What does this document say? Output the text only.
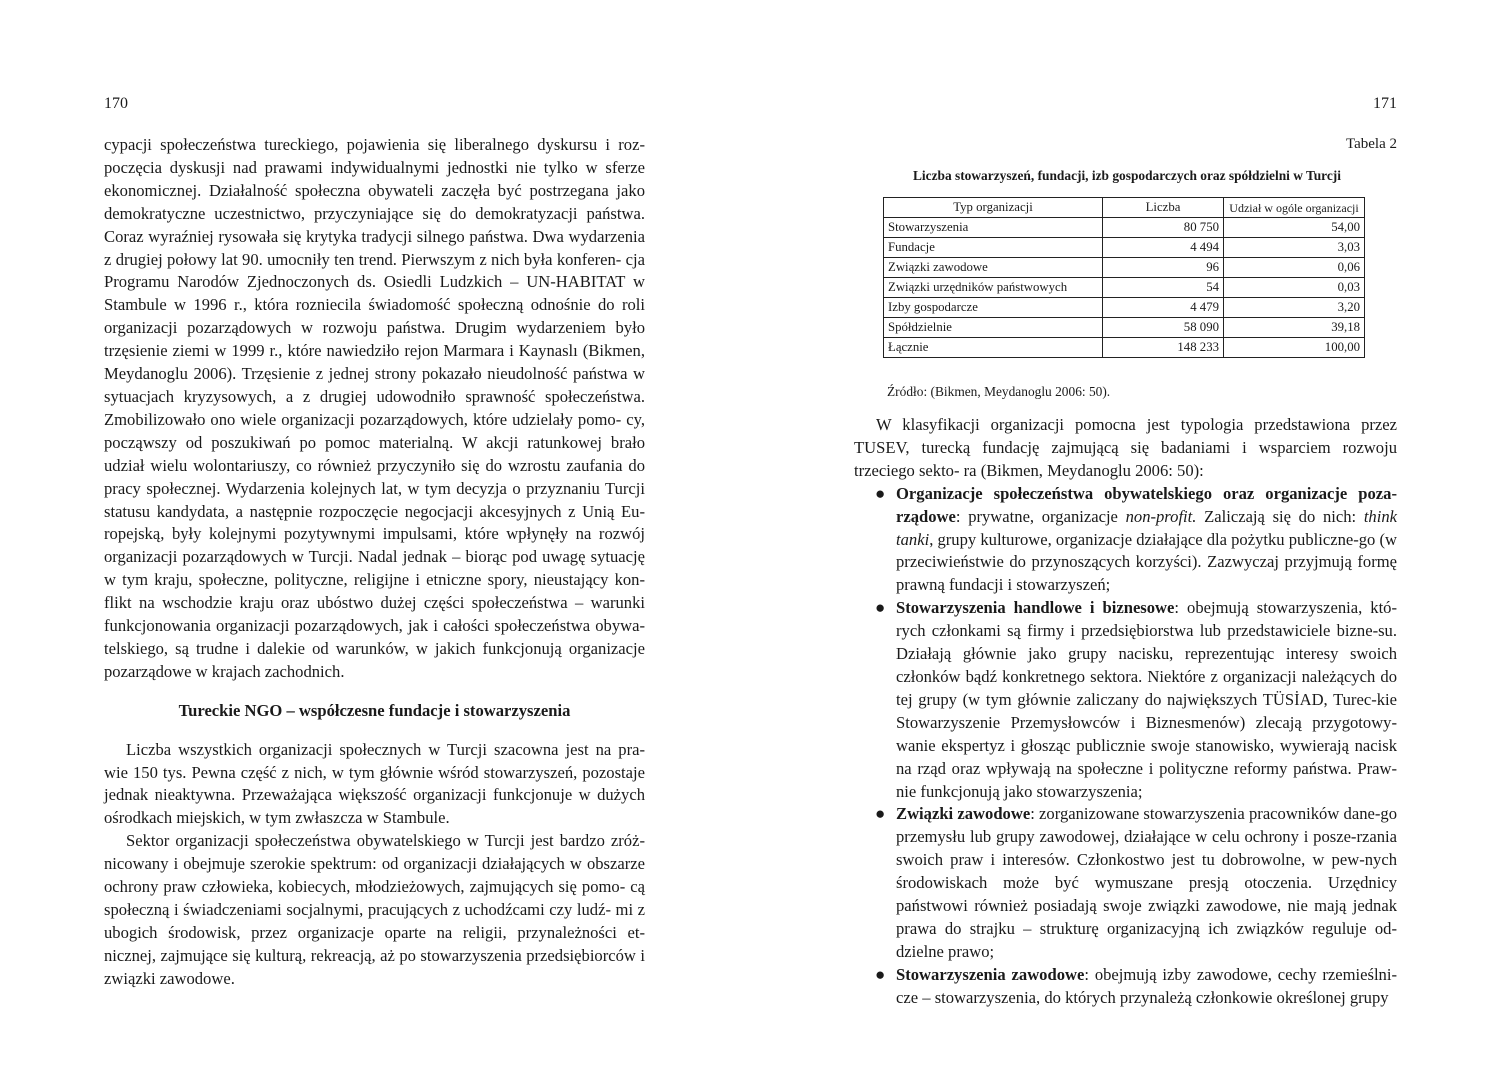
170

cypacji społeczeństwa tureckiego, pojawienia się liberalnego dyskursu i roz- poczęcia dyskusji nad prawami indywidualnymi jednostki nie tylko w sferze ekonomicznej. Działalność społeczna obywateli zaczęła być postrzegana jako demokratyczne uczestnictwo, przyczyniające się do demokratyzacji państwa. Coraz wyraźniej rysowała się krytyka tradycji silnego państwa. Dwa wydarzenia z drugiej połowy lat 90. umocniły ten trend. Pierwszym z nich była konferen- cja Programu Narodów Zjednoczonych ds. Osiedli Ludzkich – UN-HABITAT w Stambule w 1996 r., która rozniecila świadomość społeczną odnośnie do roli organizacji pozarządowych w rozwoju państwa. Drugim wydarzeniem było trzęsienie ziemi w 1999 r., które nawiedziło rejon Marmara i Kaynaslı (Bikmen, Meydanoglu 2006). Trzęsienie z jednej strony pokazało nieudolność państwa w sytuacjach kryzysowych, a z drugiej udowodniło sprawność społeczeństwa. Zmobilizowało ono wiele organizacji pozarządowych, które udzielały pomo- cy, począwszy od poszukiwań po pomoc materialną. W akcji ratunkowej brało udział wielu wolontariuszy, co również przyczyniło się do wzrostu zaufania do pracy społecznej. Wydarzenia kolejnych lat, w tym decyzja o przyznaniu Turcji statusu kandydata, a następnie rozpoczęcie negocjacji akcesyjnych z Unią Eu- ropejską, były kolejnymi pozytywnymi impulsami, które wpłynęły na rozwój organizacji pozarządowych w Turcji. Nadal jednak – biorąc pod uwagę sytuację w tym kraju, społeczne, polityczne, religijne i etniczne spory, nieustający kon- flikt na wschodzie kraju oraz ubóstwo dużej części społeczeństwa – warunki funkcjonowania organizacji pozarządowych, jak i całości społeczeństwa obywa- telskiego, są trudne i dalekie od warunków, w jakich funkcjonują organizacje pozarządowe w krajach zachodnich.

Tureckie NGO – współczesne fundacje i stowarzyszenia

Liczba wszystkich organizacji społecznych w Turcji szacowna jest na pra- wie 150 tys. Pewna część z nich, w tym głównie wśród stowarzyszeń, pozostaje jednak nieaktywna. Przeważająca większość organizacji funkcjonuje w dużych ośrodkach miejskich, w tym zwłaszcza w Stambule.

Sektor organizacji społeczeństwa obywatelskiego w Turcji jest bardzo zróż- nicowany i obejmuje szerokie spektrum: od organizacji działających w obszarze ochrony praw człowieka, kobiecych, młodzieżowych, zajmujących się pomo- cą społeczną i świadczeniami socjalnymi, pracujących z uchodźcami czy ludź- mi z ubogich środowisk, przez organizacje oparte na religii, przynależności et- nicznej, zajmujące się kulturą, rekreacją, aż po stowarzyszenia przedsiębiorców i związki zawodowe.

171
Tabela 2
Liczba stowarzyszeń, fundacji, izb gospodarczych oraz spółdzielni w Turcji
Typ organizacji	Liczba	Udział w ogóle organizacji
Stowarzyszenia	80 750	54,00
Fundacje	4 494	3,03
Związki zawodowe	96	0,06
Związki urzędników państwowych	54	0,03
Izby gospodarcze	4 479	3,20
Spółdzielnie	58 090	39,18
Łącznie	148 233	100,00
Źródło: (Bikmen, Meydanoglu 2006: 50).

W klasyfikacji organizacji pomocna jest typologia przedstawiona przez TUSEV, turecką fundację zajmującą się badaniami i wsparciem rozwoju trzeciego sekto- ra (Bikmen, Meydanoglu 2006: 50):

● Organizacje społeczeństwa obywatelskiego oraz organizacje poza-rządowe: prywatne, organizacje non-profit. Zaliczają się do nich: think tanki, grupy kulturowe, organizacje działające dla pożytku publiczne-go (w przeciwieństwie do przynoszących korzyści). Zazwyczaj przyjmują formę prawną fundacji i stowarzyszeń;
● Stowarzyszenia handlowe i biznesowe: obejmują stowarzyszenia, któ-rych członkami są firmy i przedsiębiorstwa lub przedstawiciele bizne-su. Działają głównie jako grupy nacisku, reprezentując interesy swoich członków bądź konkretnego sektora. Niektóre z organizacji należących do tej grupy (w tym głównie zaliczany do największych TÜSİAD, Turec-kie Stowarzyszenie Przemysłowców i Biznesmenów) zlecają przygotowy-wanie ekspertyz i głosząc publicznie swoje stanowisko, wywierają nacisk na rząd oraz wpływają na społeczne i polityczne reformy państwa. Praw-nie funkcjonują jako stowarzyszenia;
● Związki zawodowe: zorganizowane stowarzyszenia pracowników dane-go przemysłu lub grupy zawodowej, działające w celu ochrony i posze-rzania swoich praw i interesów. Członkostwo jest tu dobrowolne, w pew-nych środowiskach może być wymuszane presją otoczenia. Urzędnicy państwowi również posiadają swoje związki zawodowe, nie mają jednak prawa do strajku – strukturę organizacyjną ich związków reguluje od-dzielne prawo;
● Stowarzyszenia zawodowe: obejmują izby zawodowe, cechy rzemieślni-cze – stowarzyszenia, do których przynależą członkowie określonej grupy
